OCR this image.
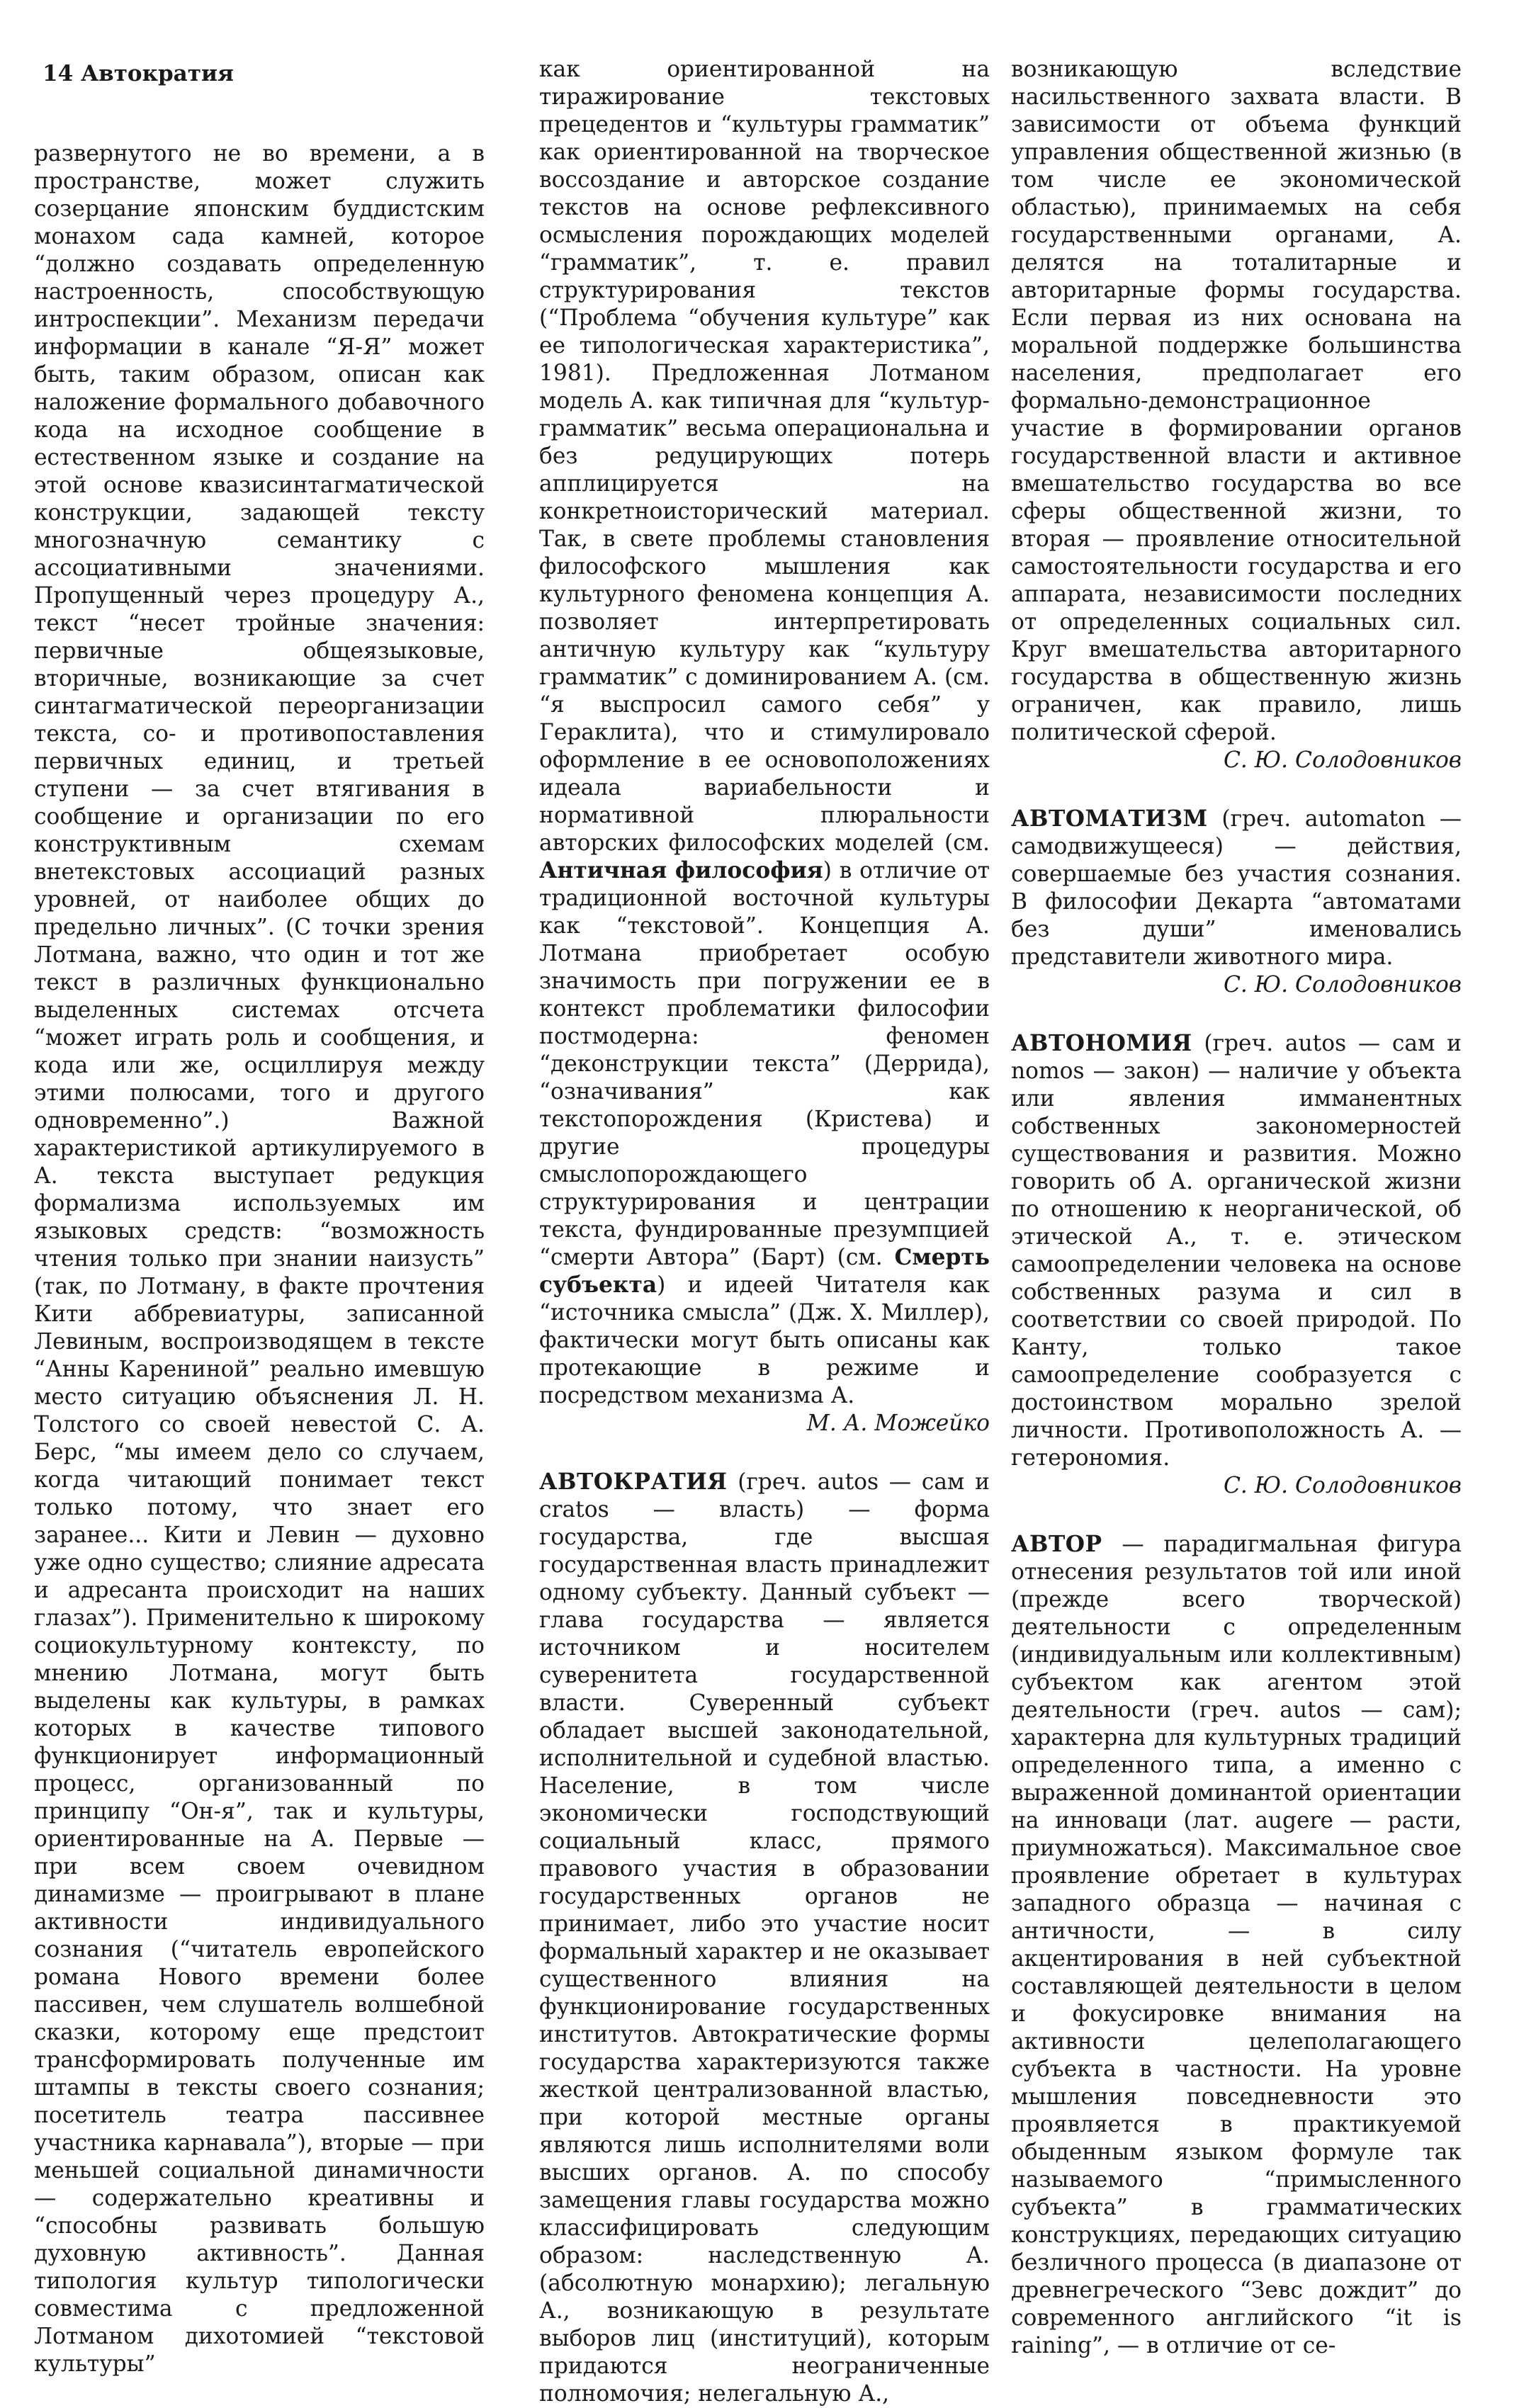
14 Автократия

развернутого не во времени, а в пространстве, может служить созерцание японским буддистским монахом сада камней, которое “должно создавать определенную настроенность, способствующую интроспекции”. Механизм передачи информации в канале “Я-Я” может быть, таким образом, описан как наложение формального добавочного кода на исходное сообщение в естественном языке и создание на этой основе квазисинтагматической конструкции, задающей тексту многозначную семантику с ассоциативными значениями. Пропущенный через процедуру А., текст “несет тройные значения: первичные общеязыковые, вторичные, возникающие за счет синтагматической переорганизации текста, со- и противопоставления первичных единиц, и третьей ступени — за счет втягивания в сообщение и организации по его конструктивным схемам внетекстовых ассоциаций разных уровней, от наиболее общих до предельно личных”. (С точки зрения Лотмана, важно, что один и тот же текст в различных функционально выделенных системах отсчета “может играть роль и сообщения, и кода или же, осциллируя между этими полюсами, того и другого одновременно”.) Важной характеристикой артикулируемого в А. текста выступает редукция формализма используемых им языковых средств: “возможность чтения только при знании наизусть” (так, по Лотману, в факте прочтения Кити аббревиатуры, записанной Левиным, воспроизводящем в тексте “Анны Карениной” реально имевшую место ситуацию объяснения Л. Н. Толстого со своей невестой С. А. Берс, “мы имеем дело со случаем, когда читающий понимает текст только потому, что знает его заранее... Кити и Левин — духовно уже одно существо; слияние адресата и адресанта происходит на наших глазах”). Применительно к широкому социокультурному контексту, по мнению Лотмана, могут быть выделены как культуры, в рамках которых в качестве типового функционирует информационный процесс, организованный по принципу “Он-я”, так и культуры, ориентированные на А. Первые — при всем своем очевидном динамизме — проигрывают в плане активности индивидуального сознания (“читатель европейского романа Нового времени более пассивен, чем слушатель волшебной сказки, которому еще предстоит трансформировать полученные им штампы в тексты своего сознания; посетитель театра пассивнее участника карнавала”), вторые — при меньшей социальной динамичности — содержательно креативны и “способны развивать большую духовную активность”. Данная типология культур типологически совместима с предложенной Лотманом дихотомией “текстовой культуры”

как ориентированной на тиражирование текстовых прецедентов и “культуры грамматик” как ориентированной на творческое воссоздание и авторское создание текстов на основе рефлексивного осмысления порождающих моделей “грамматик”, т. е. правил структурирования текстов (“Проблема “обучения культуре” как ее типологическая характеристика”, 1981). Предложенная Лотманом модель А. как типичная для “культур-грамматик” весьма операциональна и без редуцирующих потерь апплицируется на конкретноисторический материал. Так, в свете проблемы становления философского мышления как культурного феномена концепция А. позволяет интерпретировать античную культуру как “культуру грамматик” с доминированием А. (см. “я выспросил самого себя” у Гераклита), что и стимулировало оформление в ее основоположениях идеала вариабельности и нормативной плюральности авторских философских моделей (см. Античная философия) в отличие от традиционной восточной культуры как “текстовой”. Концепция А. Лотмана приобретает особую значимость при погружении ее в контекст проблематики философии постмодерна: феномен “деконструкции текста” (Деррида), “означивания” как текстопорождения (Кристева) и другие процедуры смыслопорождающего структурирования и центрации текста, фундированные презумпцией “смерти Автора” (Барт) (см. Смерть субъекта) и идеей Читателя как “источника смысла” (Дж. Х. Миллер), фактически могут быть описаны как протекающие в режиме и посредством механизма А.

М. А. Можейко

АВТОКРАТИЯ (греч. autos — сам и cratos — власть) — форма государства, где высшая государственная власть принадлежит одному субъекту. Данный субъект — глава государства — является источником и носителем суверенитета государственной власти. Суверенный субъект обладает высшей законодательной, исполнительной и судебной властью. Население, в том числе экономически господствующий социальный класс, прямого правового участия в образовании государственных органов не принимает, либо это участие носит формальный характер и не оказывает существенного влияния на функционирование государственных институтов. Автократические формы государства характеризуются также жесткой централизованной властью, при которой местные органы являются лишь исполнителями воли высших органов. А. по способу замещения главы государства можно классифицировать следующим образом: наследственную А. (абсолютную монархию); легальную А., возникающую в результате выборов лиц (институций), которым придаются неограниченные полномочия; нелегальную А.,

возникающую вследствие насильственного захвата власти. В зависимости от объема функций управления общественной жизнью (в том числе ее экономической областью), принимаемых на себя государственными органами, А. делятся на тоталитарные и авторитарные формы государства. Если первая из них основана на моральной поддержке большинства населения, предполагает его формально-демонстрационное участие в формировании органов государственной власти и активное вмешательство государства во все сферы общественной жизни, то вторая — проявление относительной самостоятельности государства и его аппарата, независимости последних от определенных социальных сил. Круг вмешательства авторитарного государства в общественную жизнь ограничен, как правило, лишь политической сферой.

С. Ю. Солодовников

АВТОМАТИЗМ (греч. automaton — самодвижущееся) — действия, совершаемые без участия сознания. В философии Декарта “автоматами без души” именовались представители животного мира.

С. Ю. Солодовников

АВТОНОМИЯ (греч. autos — сам и nomos — закон) — наличие у объекта или явления имманентных собственных закономерностей существования и развития. Можно говорить об А. органической жизни по отношению к неорганической, об этической А., т. е. этическом самоопределении человека на основе собственных разума и сил в соответствии со своей природой. По Канту, только такое самоопределение сообразуется с достоинством морально зрелой личности. Противоположность А. — гетерономия.

С. Ю. Солодовников

АВТОР — парадигмальная фигура отнесения результатов той или иной (прежде всего творческой) деятельности с определенным (индивидуальным или коллективным) субъектом как агентом этой деятельности (греч. autos — сам); характерна для культурных традиций определенного типа, а именно с выраженной доминантой ориентации на инноваци (лат. augere — расти, приумножаться). Максимальное свое проявление обретает в культурах западного образца — начиная с античности, — в силу акцентирования в ней субъектной составляющей деятельности в целом и фокусировке внимания на активности целеполагающего субъекта в частности. На уровне мышления повседневности это проявляется в практикуемой обыденным языком формуле так называемого “примысленного субъекта” в грамматических конструкциях, передающих ситуацию безличного процесса (в диапазоне от древнегреческого “Зевс дождит” до современного английского “it is raining”, — в отличие от се-
